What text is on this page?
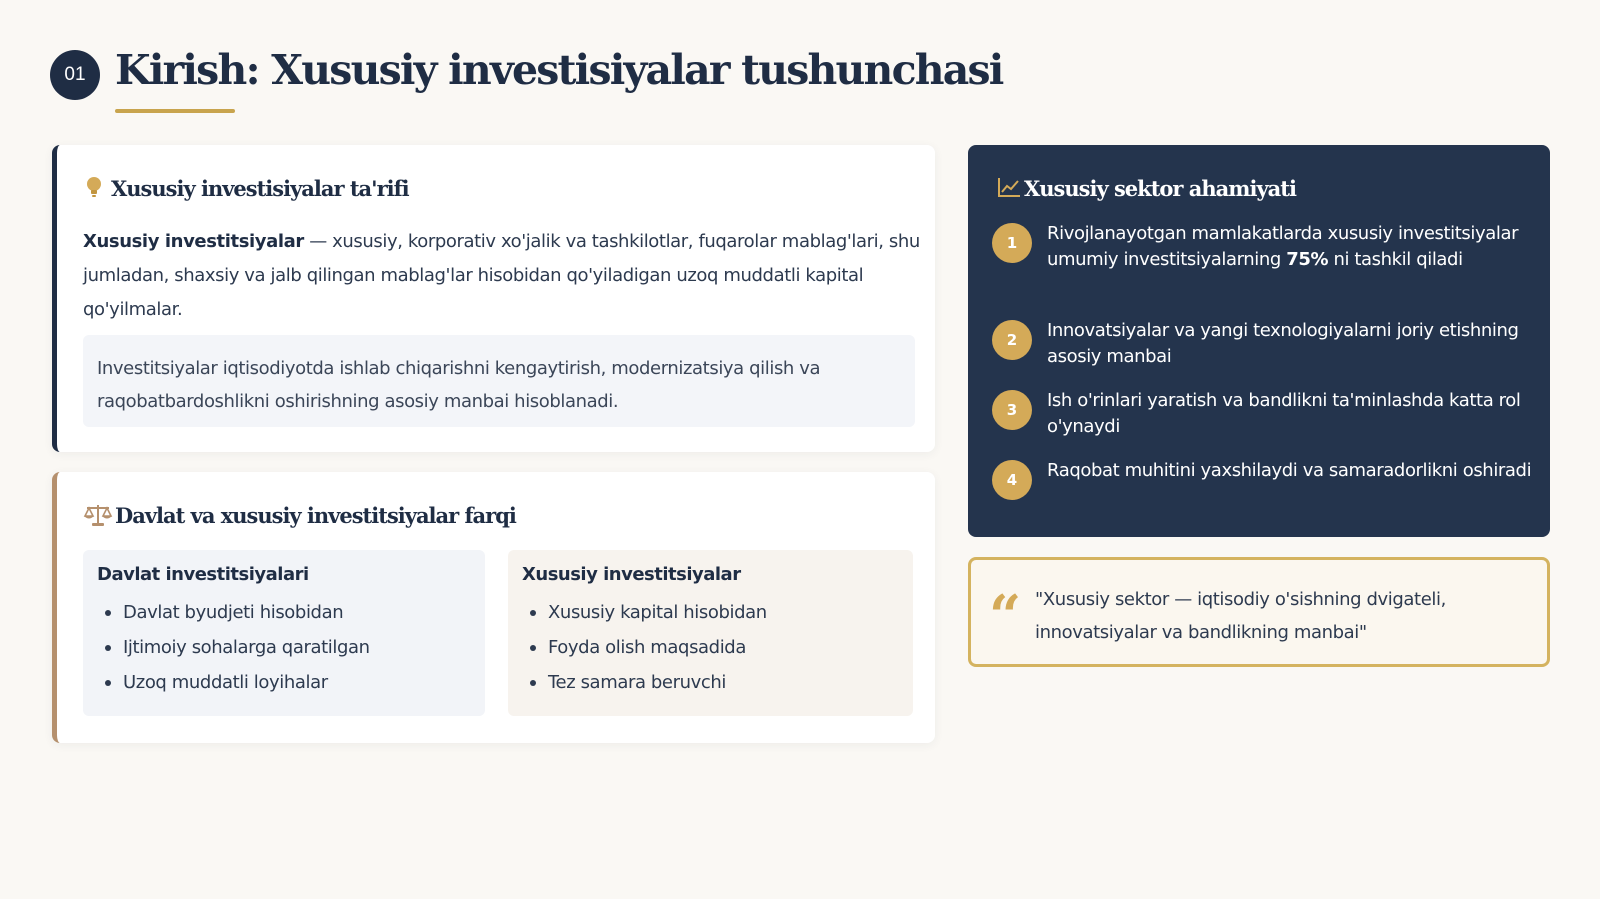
01 Kirish: Xususiy investisiyalar tushunchasi
Xususiy investisiyalar ta'rifi
Xususiy investitsiyalar — xususiy, korporativ xo'jalik va tashkilotlar, fuqarolar mablag'lari, shu jumladan, shaxsiy va jalb qilingan mablag'lar hisobidan qo'yiladigan uzoq muddatli kapital qo'yilmalar.
Investitsiyalar iqtisodiyotda ishlab chiqarishni kengaytirish, modernizatsiya qilish va raqobatbardoshlikni oshirishning asosiy manbai hisoblanadi.
Davlat va xususiy investitsiyalar farqi
Davlat investitsiyalari
Davlat byudjeti hisobidan
Ijtimoiy sohalarga qaratilgan
Uzoq muddatli loyihalar
Xususiy investitsiyalar
Xususiy kapital hisobidan
Foyda olish maqsadida
Tez samara beruvchi
Xususiy sektor ahamiyati
1	Rivojlanayotgan mamlakatlarda xususiy investitsiyalar umumiy investitsiyalarning 75% ni tashkil qiladi
2	Innovatsiyalar va yangi texnologiyalarni joriy etishning asosiy manbai
3	Ish o'rinlari yaratish va bandlikni ta'minlashda katta rol o'ynaydi
4	Raqobat muhitini yaxshilaydi va samaradorlikni oshiradi
“ "Xususiy sektor — iqtisodiy o'sishning dvigateli, innovatsiyalar va bandlikning manbai"
